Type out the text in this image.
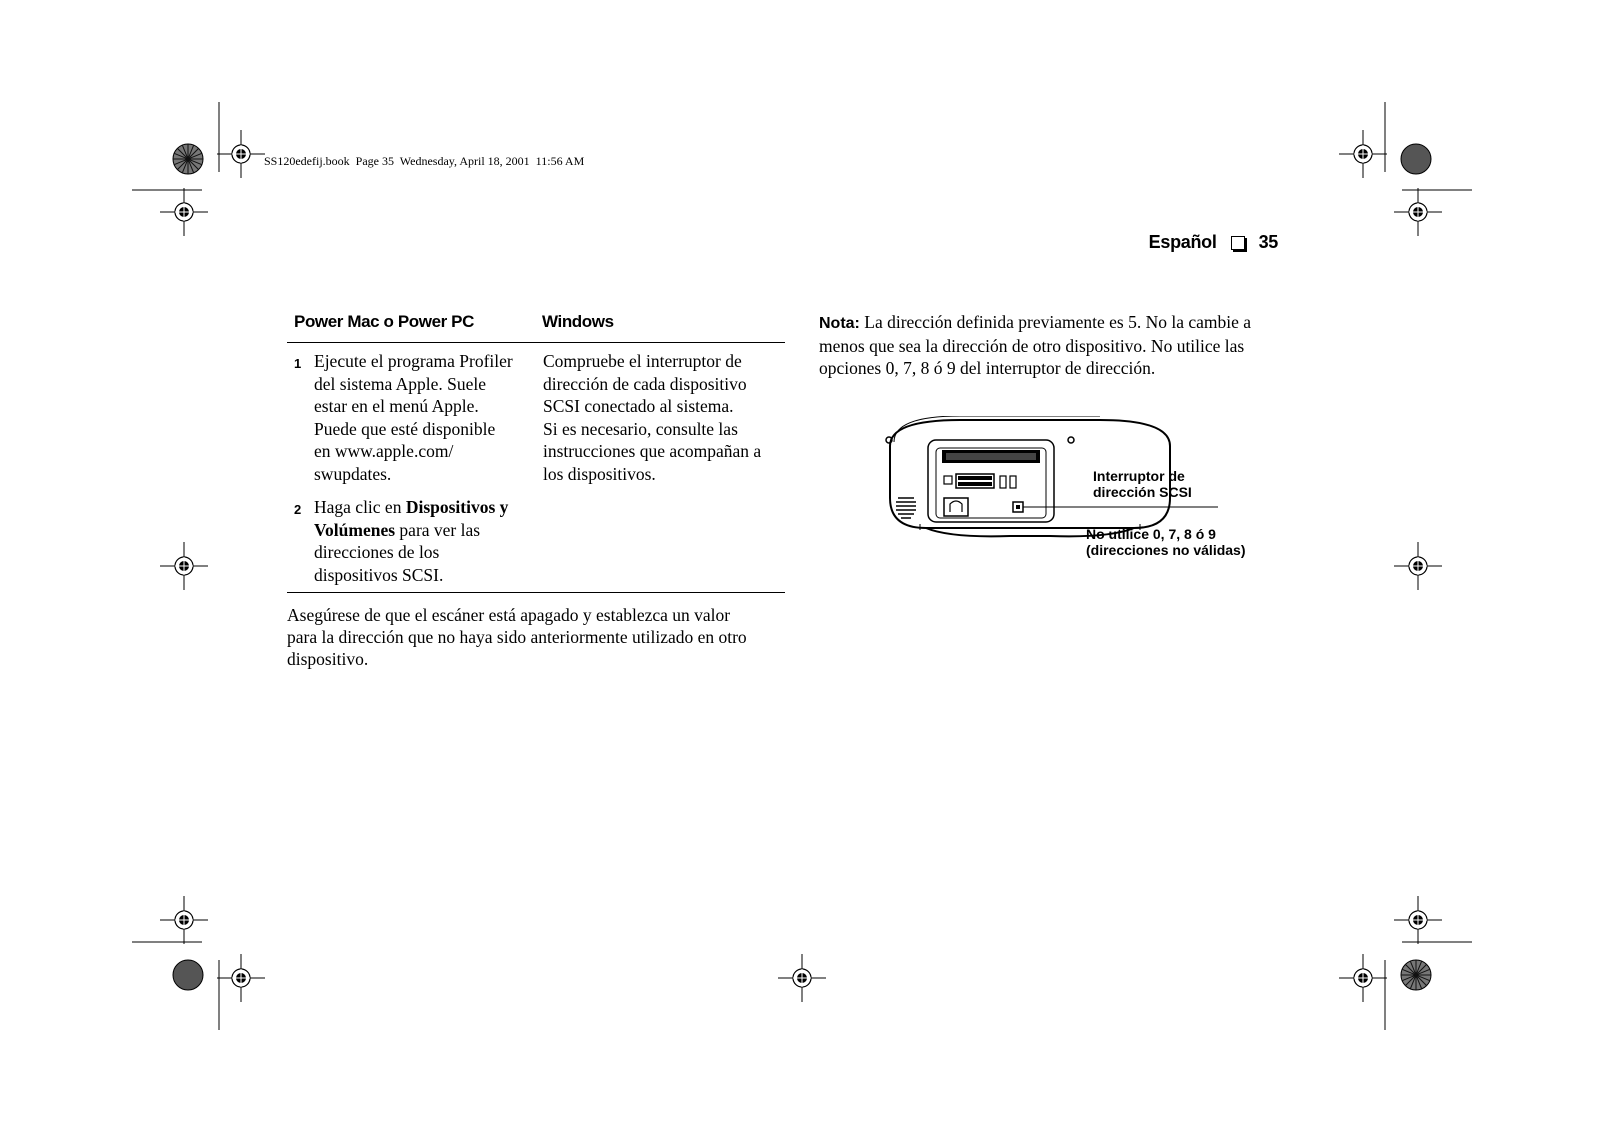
SS120edefij.book  Page 35  Wednesday, April 18, 2001  11:56 AM
Español 35
Power Mac o Power PC	Windows
1 Ejecute el programa Profiler
del sistema Apple. Suele
estar en el menú Apple.
Puede que esté disponible
en www.apple.com/
swupdates.
2 Haga clic en Dispositivos y
Volúmenes para ver las
direcciones de los
dispositivos SCSI.
Compruebe el interruptor de
dirección de cada dispositivo
SCSI conectado al sistema.
Si es necesario, consulte las
instrucciones que acompañan a
los dispositivos.
Asegúrese de que el escáner está apagado y establezca un valor
para la dirección que no haya sido anteriormente utilizado en otro
dispositivo.
Nota: La dirección definida previamente es 5. No la cambie a
menos que sea la dirección de otro dispositivo. No utilice las
opciones 0, 7, 8 ó 9 del interruptor de dirección.
Interruptor de
dirección SCSI
No utilice 0, 7, 8 ó 9
(direcciones no válidas)
